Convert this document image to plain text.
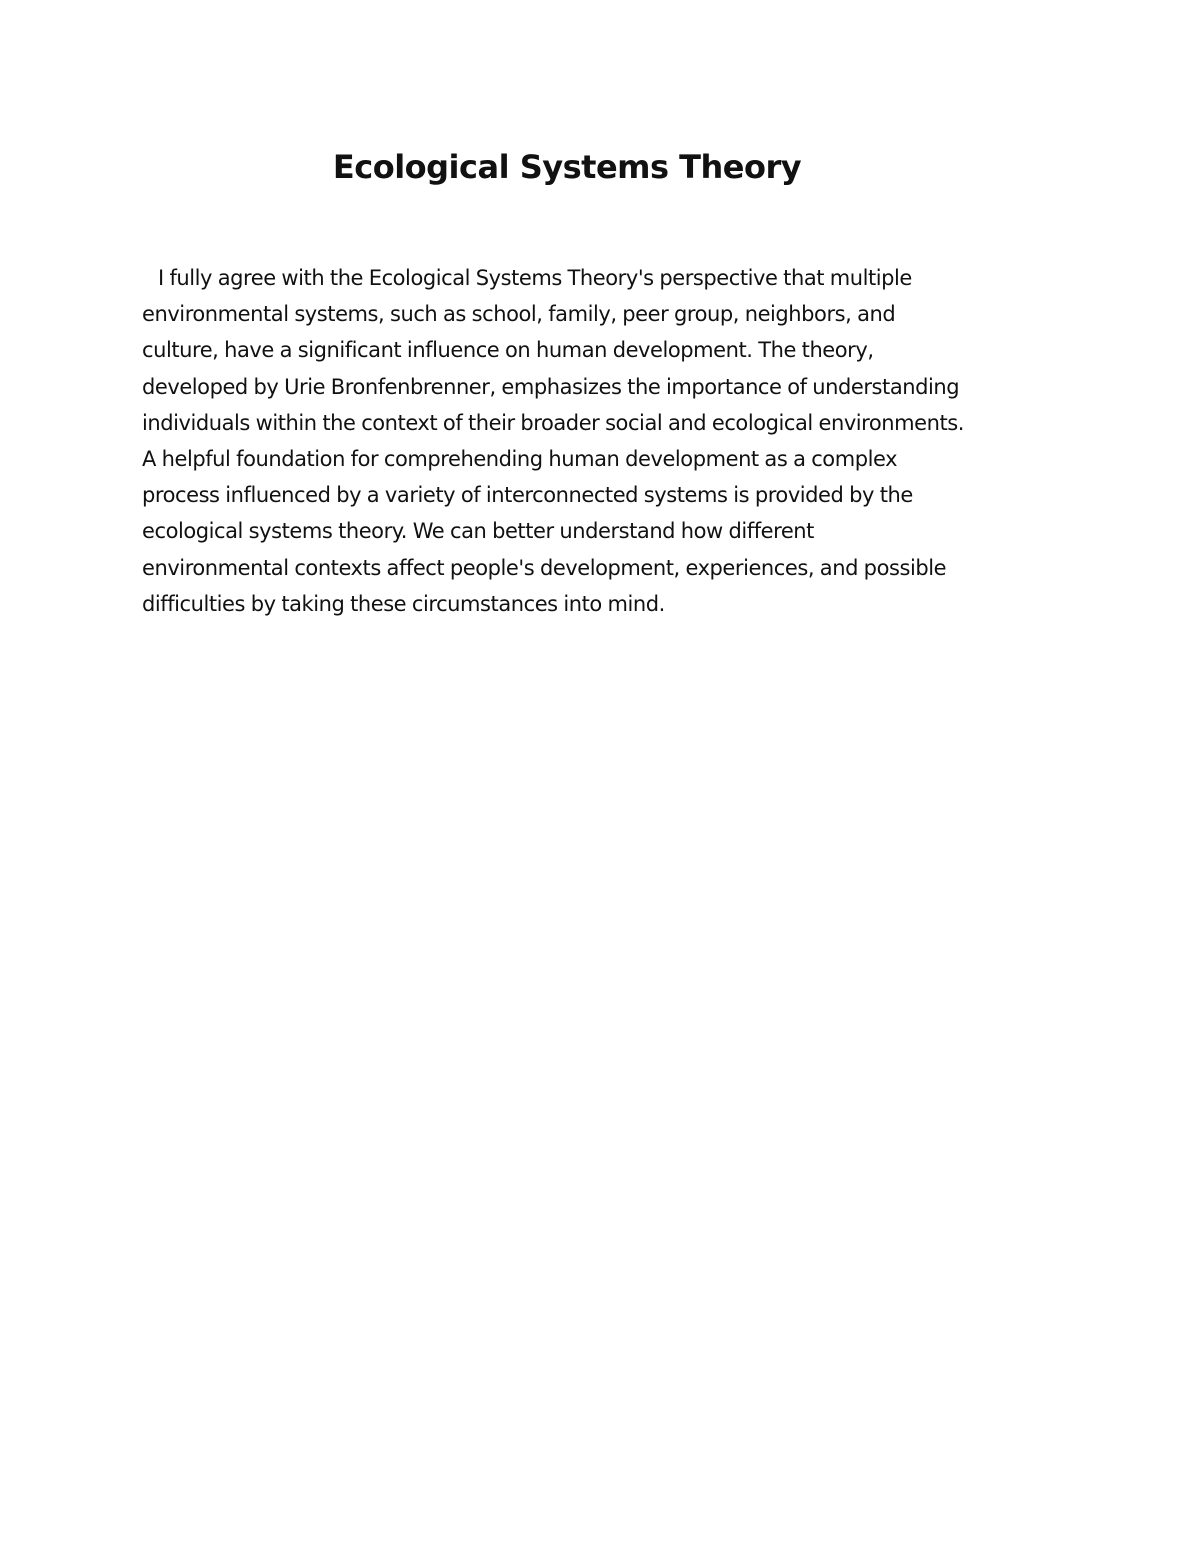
Ecological Systems Theory

I fully agree with the Ecological Systems Theory's perspective that multiple
environmental systems, such as school, family, peer group, neighbors, and
culture, have a significant influence on human development. The theory,
developed by Urie Bronfenbrenner, emphasizes the importance of understanding
individuals within the context of their broader social and ecological environments.
A helpful foundation for comprehending human development as a complex
process influenced by a variety of interconnected systems is provided by the
ecological systems theory. We can better understand how different
environmental contexts affect people's development, experiences, and possible
difficulties by taking these circumstances into mind.
